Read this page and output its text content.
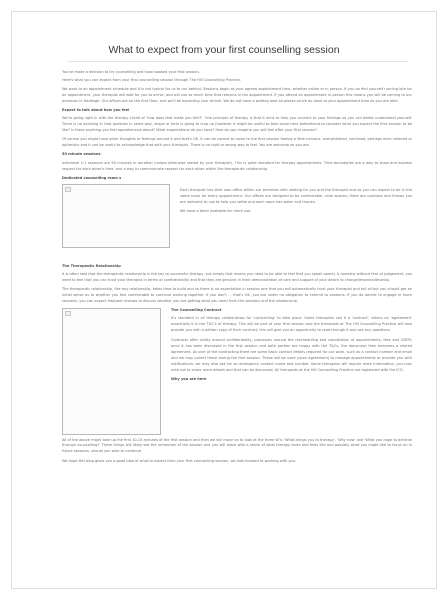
What to expect from your first counselling session

You've made a decision to try counselling and have booked your first session.

Here's what you can expect from your first counselling session through The Hill Counselling Practice.

We work to an appointment schedule and it is not typical for us to run behind. Sessions begin at your agreed appointment time, whether online or in person. If you do find yourself running late for an appointment, your therapist will wait for you to arrive, and will use as much time that remains in the appointment. If you attend an appointment in-person this means you will be coming to our premises in Hadleigh. Our offices are on the first floor, and we'll be expecting your arrival. We do not have a waiting area so please arrive as close to your appointment time as you are able.

Expect to talk about how you feel

We're going right in with the therapy cliché of 'how does that make you feel?'. One principle of therapy is that it aims to help you connect to your feelings so you can better understand yourself. There is no avoiding it; that question in some way, shape or form is going to crop up (however it might be useful to take some time beforehand to consider what you expect the first session to be like? Is there anything you feel apprehensive about? What expectations do you have? How do you imagine you will feel after your first session?

Of course you might have other thoughts or feelings around it and that's OK. It can be normal to come to the first session feeling a little nervous, overwhelmed, confused, perhaps even relieved or optimistic and it can be useful to acknowledge that with your therapist. There is no right or wrong way to feel. You are welcome as you are.

50 minute sessions

Individual 1:1 sessions are 50 minutes in duration (unless otherwise stated by your therapist). This is quite standard for therapy appointments. Time boundaries are a way to show and express respect for each other's time, and a way to communicate respect for each other within the therapeutic relationship.

Dedicated counselling room s

Each therapist has their own office within our premises with seating for you and the therapist and so you can expect to be in the same room for every appointment. Our offices are designed to be comfortable, calm spaces; there are cushions and throws you are welcome to use to help you settle and each room has water and tissues.

We have a toilet available for client use.

The Therapeutic Relationship

It is often said that the therapeutic relationship is the key to successful therapy, put simply that means you need to be able to feel that you speak openly & honestly without fear of judgement, you need to feel that you can trust your therapist in terms of confidentiality and that they are genuine in their demonstration of care and support of your desire to change/improve/develop.

The therapeutic relationship, like any relationship, takes time to build and so there is no expectation in session one that you will automatically trust your therapist and tell all but you should get an initial sense as to whether you feel comfortable to continue working together. If you don't ... that's OK, you are under no obligation to commit to sessions. If you do decide to engage in more sessions, you can expect frequent reviews to discuss whether you are getting what you need from the sessions and the relationship.

The Counselling Contract

It's standard in all therapy relationships for 'contracting' to take place. Some therapists call it a 'contract', others an 'agreement' essentially it is the T&C's of therapy. This will be part of your first session and the therapists at The Hill Counselling Practice will also provide you with a written copy of their contract, this will give you an opportunity to read through it and ask any questions.

Contracts offer clarity around confidentiality, processes around the rescheduling and cancellation of appointments, fees and GDPR; once it has been discussed in the first session and both parties are happy with the T&Cs, the document then becomes a shared agreement. As part of the contracting there are some basic contact details required for our work, such as a contact number and email and we may collect these during the first session. These will be used (upon agreement) to manage appointments or provide you with notifications; we may also ask for an emergency contact name and number. Some therapists will require more information, you may wish not to share more details and that can be discussed. All therapists at the Hill Counselling Practice are registered with the ICO.

Why you are here

All of the above might take up the first 10-15 minutes of the first session and then we will move on to look at the three W's: 'What brings you to therapy', 'Why now' and 'What you hope to achieve through counselling?' These things will likely see the remainder of the session and you will leave with a sense of what therapy looks and feels like and possibly what you might like to focus on in future sessions, should you wish to continue.

We hope this blog gives you a good idea of what to expect from your first counselling session, we look forward to working with you.
